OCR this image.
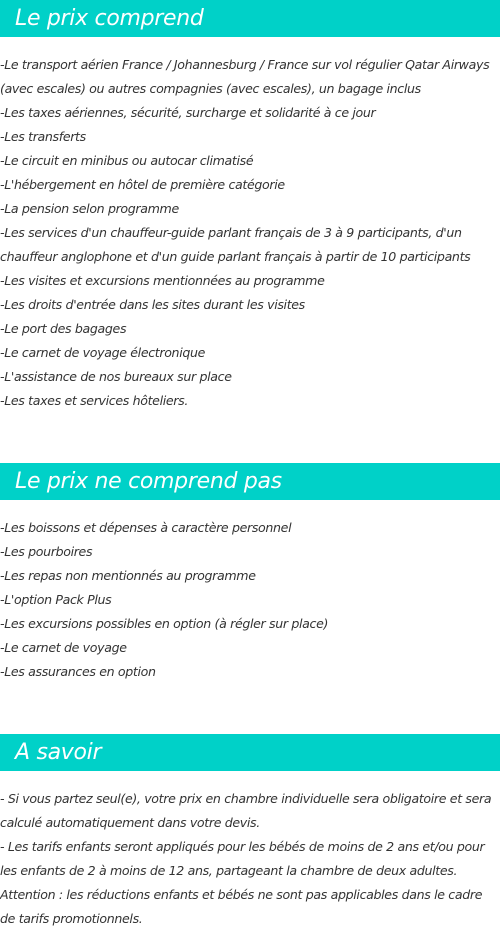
Le prix comprend
-Le transport aérien France / Johannesburg / France sur vol régulier Qatar Airways (avec escales) ou autres compagnies (avec escales), un bagage inclus
-Les taxes aériennes, sécurité, surcharge et solidarité à ce jour
-Les transferts
-Le circuit en minibus ou autocar climatisé
-L'hébergement en hôtel de première catégorie
-La pension selon programme
-Les services d'un chauffeur-guide parlant français de 3 à 9 participants, d'un chauffeur anglophone et d'un guide parlant français à partir de 10 participants
-Les visites et excursions mentionnées au programme
-Les droits d'entrée dans les sites durant les visites
-Le port des bagages
-Le carnet de voyage électronique
-L'assistance de nos bureaux sur place
-Les taxes et services hôteliers.
Le prix ne comprend pas
-Les boissons et dépenses à caractère personnel
-Les pourboires
-Les repas non mentionnés au programme
-L'option Pack Plus
-Les excursions possibles en option (à régler sur place)
-Le carnet de voyage
-Les assurances en option
A savoir
- Si vous partez seul(e), votre prix en chambre individuelle sera obligatoire et sera calculé automatiquement dans votre devis.
- Les tarifs enfants seront appliqués pour les bébés de moins de 2 ans et/ou pour les enfants de 2 à moins de 12 ans, partageant la chambre de deux adultes.
Attention : les réductions enfants et bébés ne sont pas applicables dans le cadre de tarifs promotionnels.
